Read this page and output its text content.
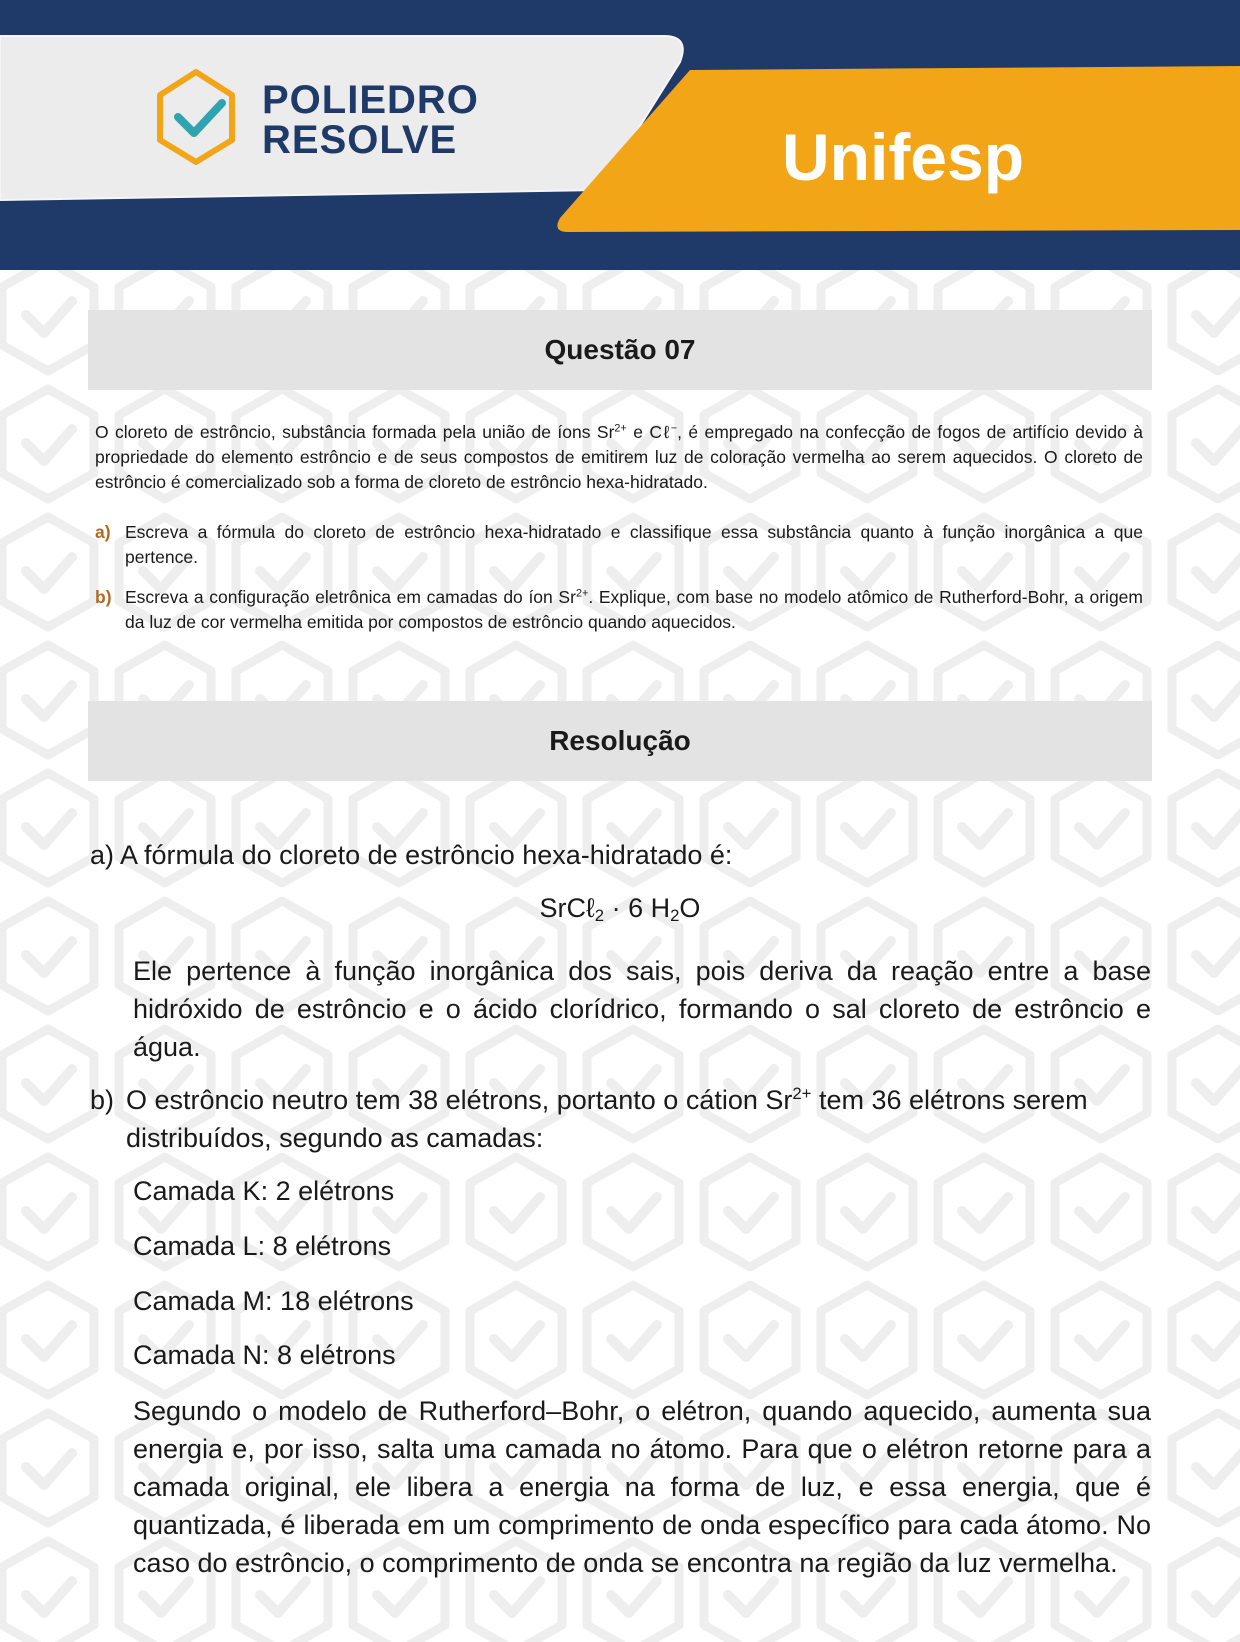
POLIEDRO
RESOLVE	Unifesp
Questão 07
O cloreto de estrôncio, substância formada pela união de íons $Sr^{2+}$ e Cℓ−, é empregado na confecção de fogos de artifício devido à propriedade do elemento estrôncio e de seus compostos de emitirem luz de coloração vermelha ao serem aquecidos. O cloreto de estrôncio é comercializado sob a forma de cloreto de estrôncio hexa-hidratado.
a) Escreva a fórmula do cloreto de estrôncio hexa-hidratado e classifique essa substância quanto à função inorgânica a que pertence.
b) Escreva a configuração eletrônica em camadas do íon $Sr^{2+}$. Explique, com base no modelo atômico de Rutherford-Bohr, a origem da luz de cor vermelha emitida por compostos de estrôncio quando aquecidos.
Resolução
a) A fórmula do cloreto de estrôncio hexa-hidratado é:
SrCℓ$_2$ · 6 $H_2O$
Ele pertence à função inorgânica dos sais, pois deriva da reação entre a base hidróxido de estrôncio e o ácido clorídrico, formando o sal cloreto de estrôncio e água.
b) O estrôncio neutro tem 38 elétrons, portanto o cátion $Sr^{2+}$ tem 36 elétrons serem distribuídos, segundo as camadas:
Camada K: 2 elétrons
Camada L: 8 elétrons
Camada M: 18 elétrons
Camada N: 8 elétrons
Segundo o modelo de Rutherford–Bohr, o elétron, quando aquecido, aumenta sua energia e, por isso, salta uma camada no átomo. Para que o elétron retorne para a camada original, ele libera a energia na forma de luz, e essa energia, que é quantizada, é liberada em um comprimento de onda específico para cada átomo. No caso do estrôncio, o comprimento de onda se encontra na região da luz vermelha.
